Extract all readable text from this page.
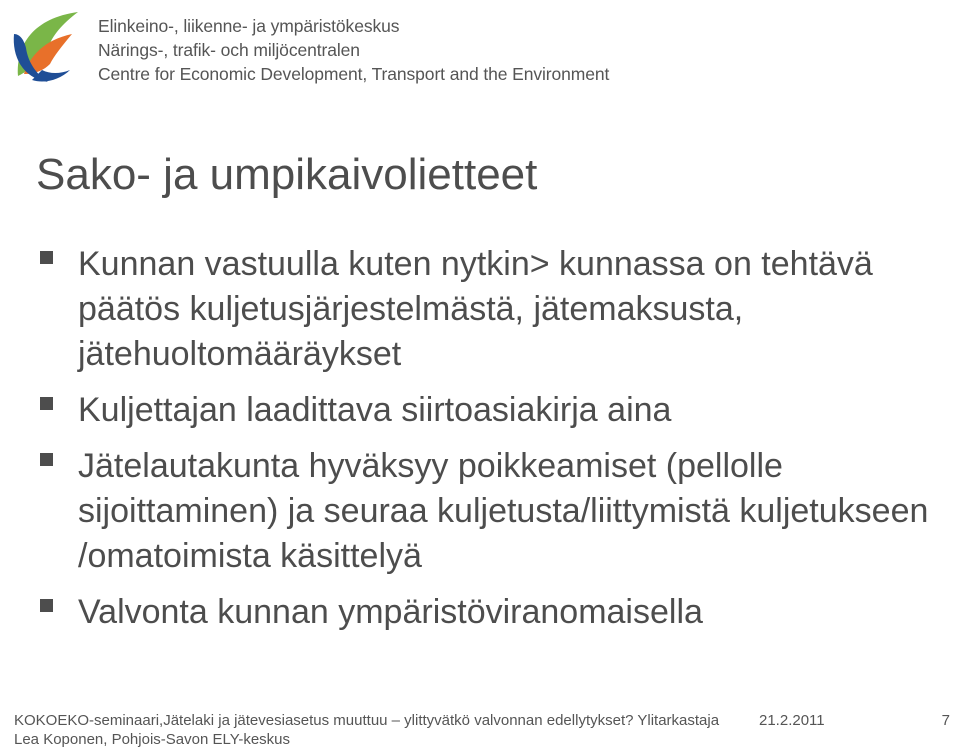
Elinkeino-, liikenne- ja ympäristökeskus
Närings-, trafik- och miljöcentralen
Centre for Economic Development, Transport and the Environment
Sako- ja umpikaivolietteet
Kunnan vastuulla kuten nytkin> kunnassa on tehtävä päätös kuljetusjärjestelmästä, jätemaksusta, jätehuoltomääräykset
Kuljettajan laadittava siirtoasiakirja aina
Jätelautakunta hyväksyy poikkeamiset (pellolle sijoittaminen) ja seuraa kuljetusta/liittymistä kuljetukseen /omatoimista käsittelyä
Valvonta kunnan ympäristöviranomaisella
KOKOEKO-seminaari,Jätelaki ja jätevesiasetus muuttuu – ylittyvätkö valvonnan edellytykset? Ylitarkastaja	21.2.2011	7
Lea Koponen, Pohjois-Savon ELY-keskus
